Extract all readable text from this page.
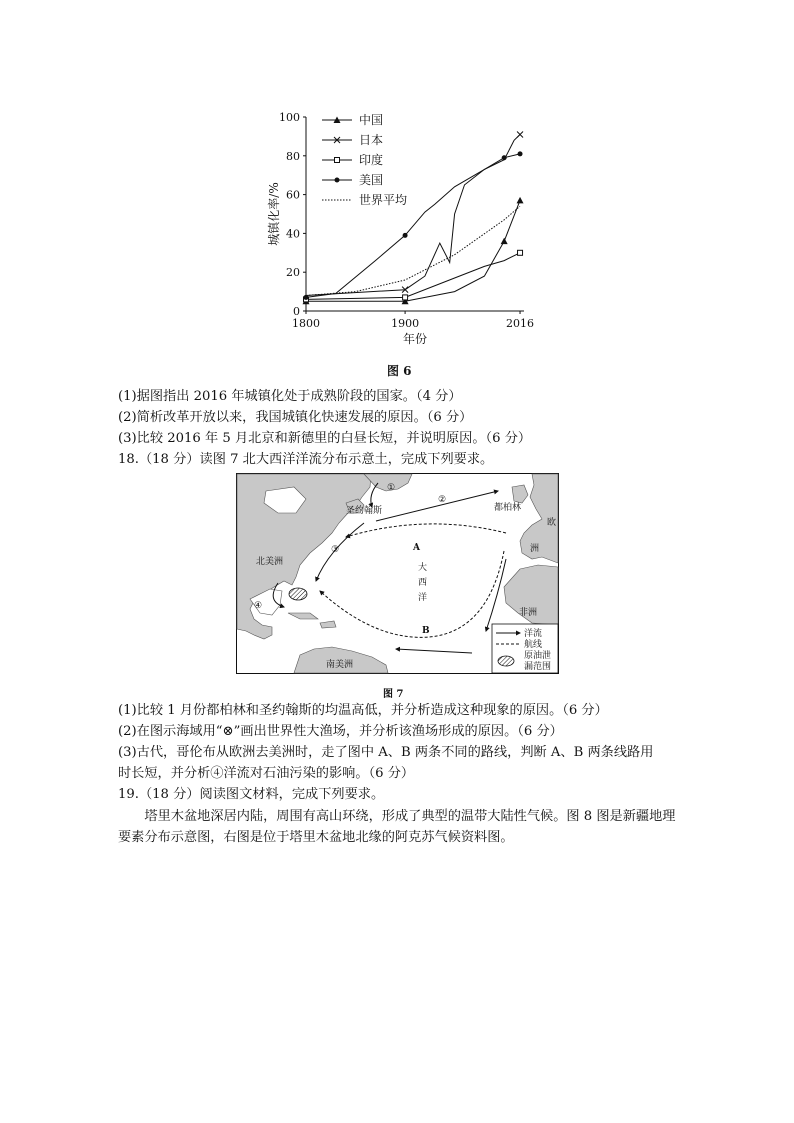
0
20
40
60
80
100
1800	1900	2016
年份
城镇化率/%
中国
日本
印度
美国
世界平均
图 6
(1)据图指出 2016 年城镇化处于成熟阶段的国家。（4 分）
(2)简析改革开放以来，我国城镇化快速发展的原因。（6 分）
(3)比较 2016 年 5 月北京和新德里的白昼长短，并说明原因。（6 分）
18.（18 分）读图 7 北大西洋洋流分布示意土，完成下列要求。
①
②
③
④
圣约翰斯	都柏林
欧
洲
北美洲
南美洲
非洲
A
B
大
西
洋
洋流
航线
原油泄
漏范围
图 7
(1)比较 1 月份都柏林和圣约翰斯的均温高低，并分析造成这种现象的原因。（6 分）
(2)在图示海域用“⊗”画出世界性大渔场，并分析该渔场形成的原因。（6 分）
(3)古代，哥伦布从欧洲去美洲时，走了图中 A、B 两条不同的路线，判断 A、B 两条线路用
时长短，并分析④洋流对石油污染的影响。（6 分）
19.（18 分）阅读图文材料，完成下列要求。
塔里木盆地深居内陆，周围有高山环绕，形成了典型的温带大陆性气候。图 8 图是新疆地理要素分布示意图，右图是位于塔里木盆地北缘的阿克苏气候资料图。
